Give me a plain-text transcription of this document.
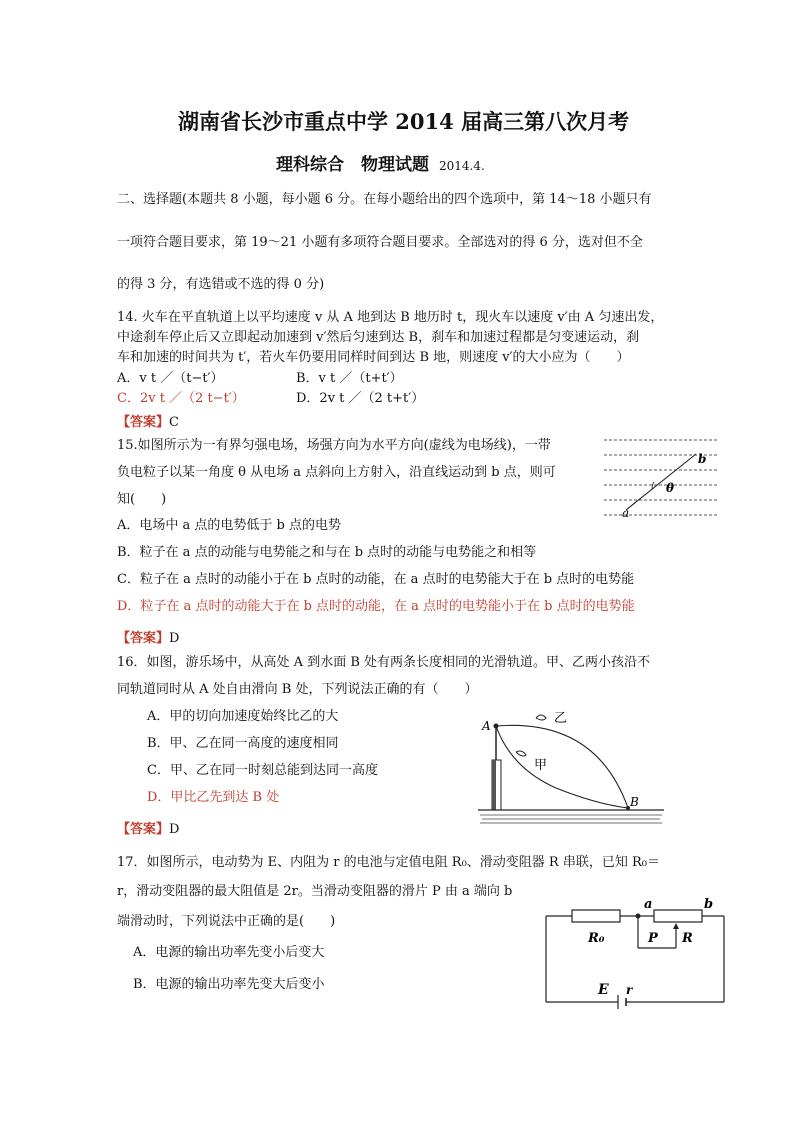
湖南省长沙市重点中学 2014 届高三第八次月考
理科综合　物理试题 2014.4.
二、选择题(本题共 8 小题，每小题 6 分。在每小题给出的四个选项中，第 14～18 小题只有
一项符合题目要求，第 19～21 小题有多项符合题目要求。全部选对的得 6 分，选对但不全
的得 3 分，有选错或不选的得 0 分)
14. 火车在平直轨道上以平均速度 v 从 A 地到达 B 地历时 t，现火车以速度 v′由 A 匀速出发，
中途刹车停止后又立即起动加速到 v′然后匀速到达 B，刹车和加速过程都是匀变速运动，刹
车和加速的时间共为 t′，若火车仍要用同样时间到达 B 地，则速度 v′的大小应为（　　）
A．v t ／（t−t′）	B．v t ／（t+t′）
C．2v t ／（2 t−t′）	D．2v t ／（2 t+t′）
【答案】C
15.如图所示为一有界匀强电场，场强方向为水平方向(虚线为电场线)，一带
负电粒子以某一角度 θ 从电场 a 点斜向上方射入，沿直线运动到 b 点，则可
知(　　)
a
b
θ
A．电场中 a 点的电势低于 b 点的电势
B．粒子在 a 点的动能与电势能之和与在 b 点时的动能与电势能之和相等
C．粒子在 a 点时的动能小于在 b 点时的动能，在 a 点时的电势能大于在 b 点时的电势能
D．粒子在 a 点时的动能大于在 b 点时的动能，在 a 点时的电势能小于在 b 点时的电势能
【答案】D
16．如图，游乐场中，从高处 A 到水面 B 处有两条长度相同的光滑轨道。甲、乙两小孩沿不
同轨道同时从 A 处自由滑向 B 处，下列说法正确的有（　　）
A．甲的切向加速度始终比乙的大
B．甲、乙在同一高度的速度相同
C．甲、乙在同一时刻总能到达同一高度
D．甲比乙先到达 B 处
【答案】D
A
B
乙
甲
17．如图所示，电动势为 E、内阻为 r 的电池与定值电阻 R₀、滑动变阻器 R 串联，已知 R₀＝
r，滑动变阻器的最大阻值是 2r。当滑动变阻器的滑片 P 由 a 端向 b
端滑动时，下列说法中正确的是(　　)
A．电源的输出功率先变小后变大
B．电源的输出功率先变大后变小
a	b
R₀	P R
E r
